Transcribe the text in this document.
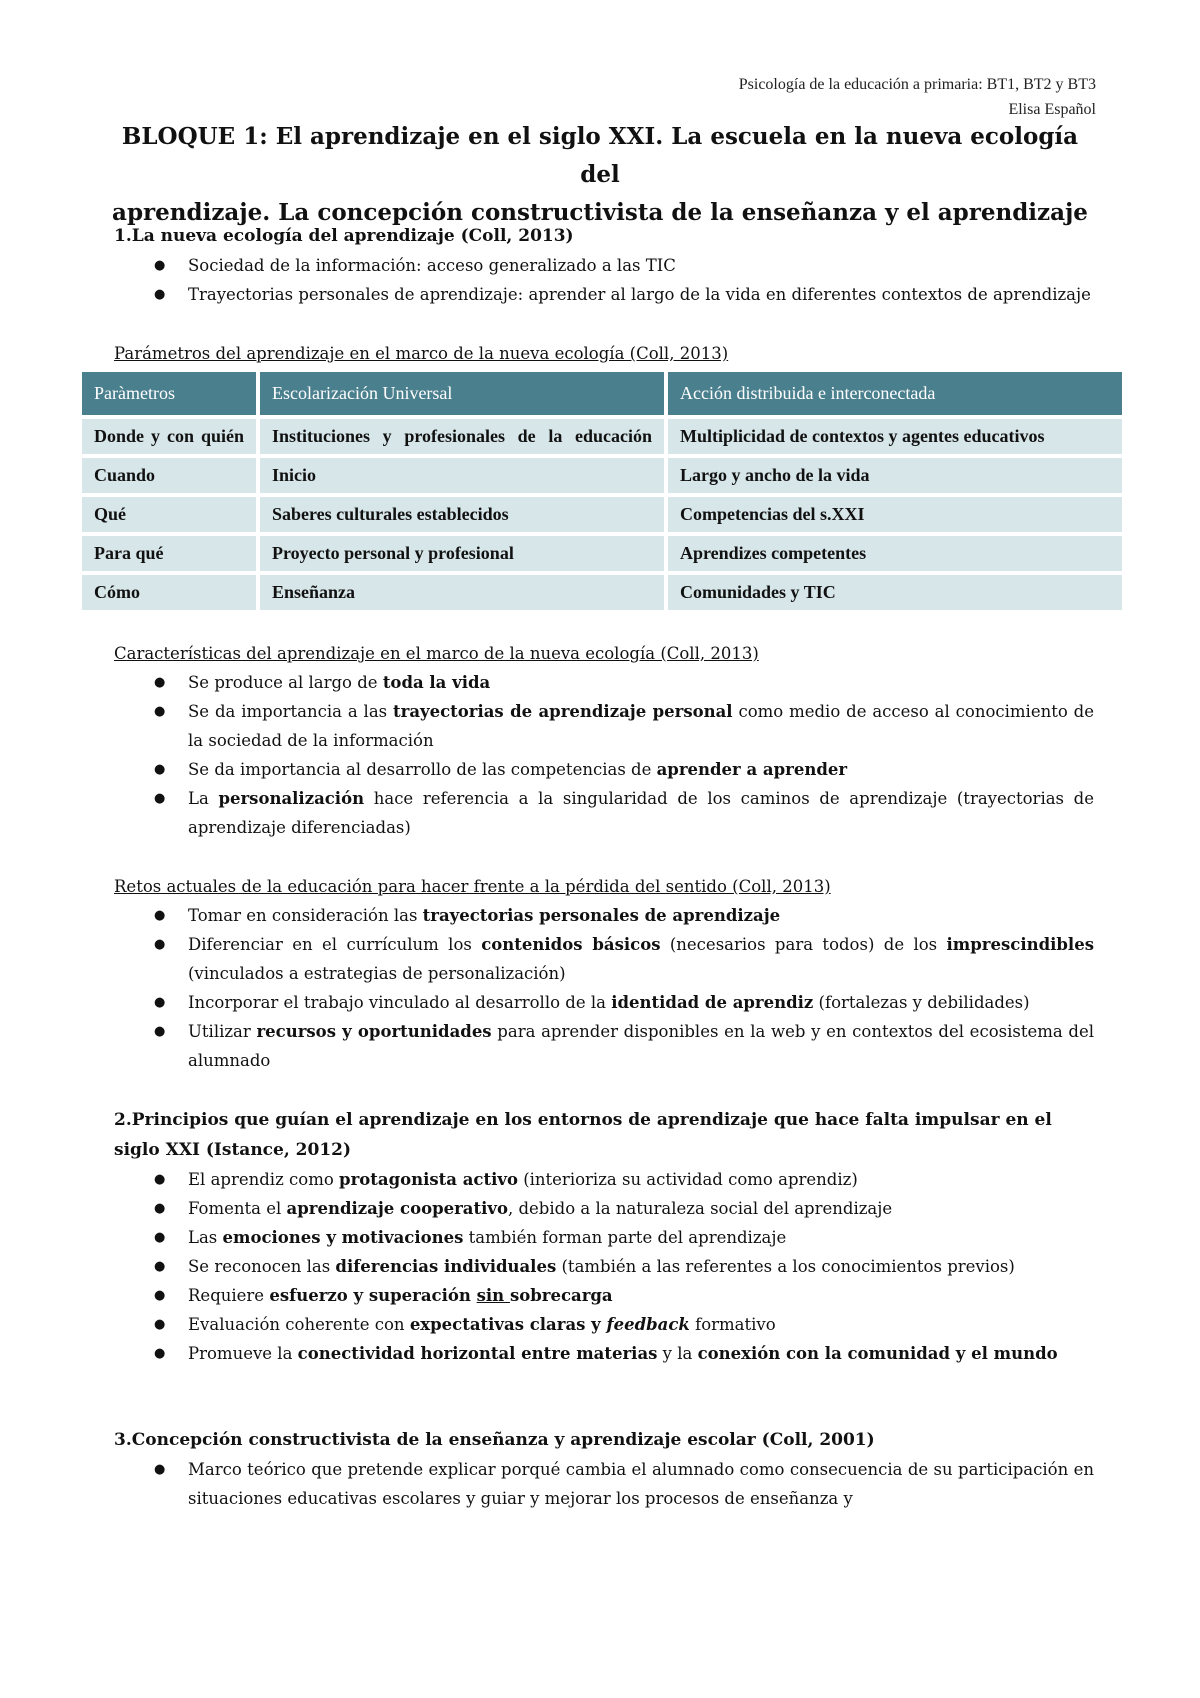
Psicología de la educación a primaria: BT1, BT2 y BT3
Elisa Español
BLOQUE 1: El aprendizaje en el siglo XXI. La escuela en la nueva ecología del
aprendizaje. La concepción constructivista de la enseñanza y el aprendizaje

1.La nueva ecología del aprendizaje (Coll, 2013)

● Sociedad de la información: acceso generalizado a las TIC
● Trayectorias personales de aprendizaje: aprender al largo de la vida en diferentes contextos de aprendizaje

Parámetros del aprendizaje en el marco de la nueva ecología (Coll, 2013)

Paràmetros	Escolarización Universal	Acción distribuida e interconectada
Donde y con quién	Instituciones y profesionales de la educación	Multiplicidad de contextos y agentes educativos
Cuando	Inicio	Largo y ancho de la vida
Qué	Saberes culturales establecidos	Competencias del s.XXI
Para qué	Proyecto personal y profesional	Aprendizes competentes
Cómo	Enseñanza	Comunidades y TIC

Características del aprendizaje en el marco de la nueva ecología (Coll, 2013)

● Se produce al largo de toda la vida
● Se da importancia a las trayectorias de aprendizaje personal como medio de acceso al conocimiento de la sociedad de la información
● Se da importancia al desarrollo de las competencias de aprender a aprender
● La personalización hace referencia a la singularidad de los caminos de aprendizaje (trayectorias de aprendizaje diferenciadas)

Retos actuales de la educación para hacer frente a la pérdida del sentido (Coll, 2013)

● Tomar en consideración las trayectorias personales de aprendizaje
● Diferenciar en el currículum los contenidos básicos (necesarios para todos) de los imprescindibles (vinculados a estrategias de personalización)
● Incorporar el trabajo vinculado al desarrollo de la identidad de aprendiz (fortalezas y debilidades)
● Utilizar recursos y oportunidades para aprender disponibles en la web y en contextos del ecosistema del alumnado

2.Principios que guían el aprendizaje en los entornos de aprendizaje que hace falta impulsar en el siglo XXI (Istance, 2012)

● El aprendiz como protagonista activo (interioriza su actividad como aprendiz)
● Fomenta el aprendizaje cooperativo, debido a la naturaleza social del aprendizaje
● Las emociones y motivaciones también forman parte del aprendizaje
● Se reconocen las diferencias individuales (también a las referentes a los conocimientos previos)
● Requiere esfuerzo y superación sin sobrecarga
● Evaluación coherente con expectativas claras y feedback formativo
● Promueve la conectividad horizontal entre materias y la conexión con la comunidad y el mundo

3.Concepción constructivista de la enseñanza y aprendizaje escolar (Coll, 2001)

● Marco teórico que pretende explicar porqué cambia el alumnado como consecuencia de su participación en situaciones educativas escolares y guiar y mejorar los procesos de enseñanza y
